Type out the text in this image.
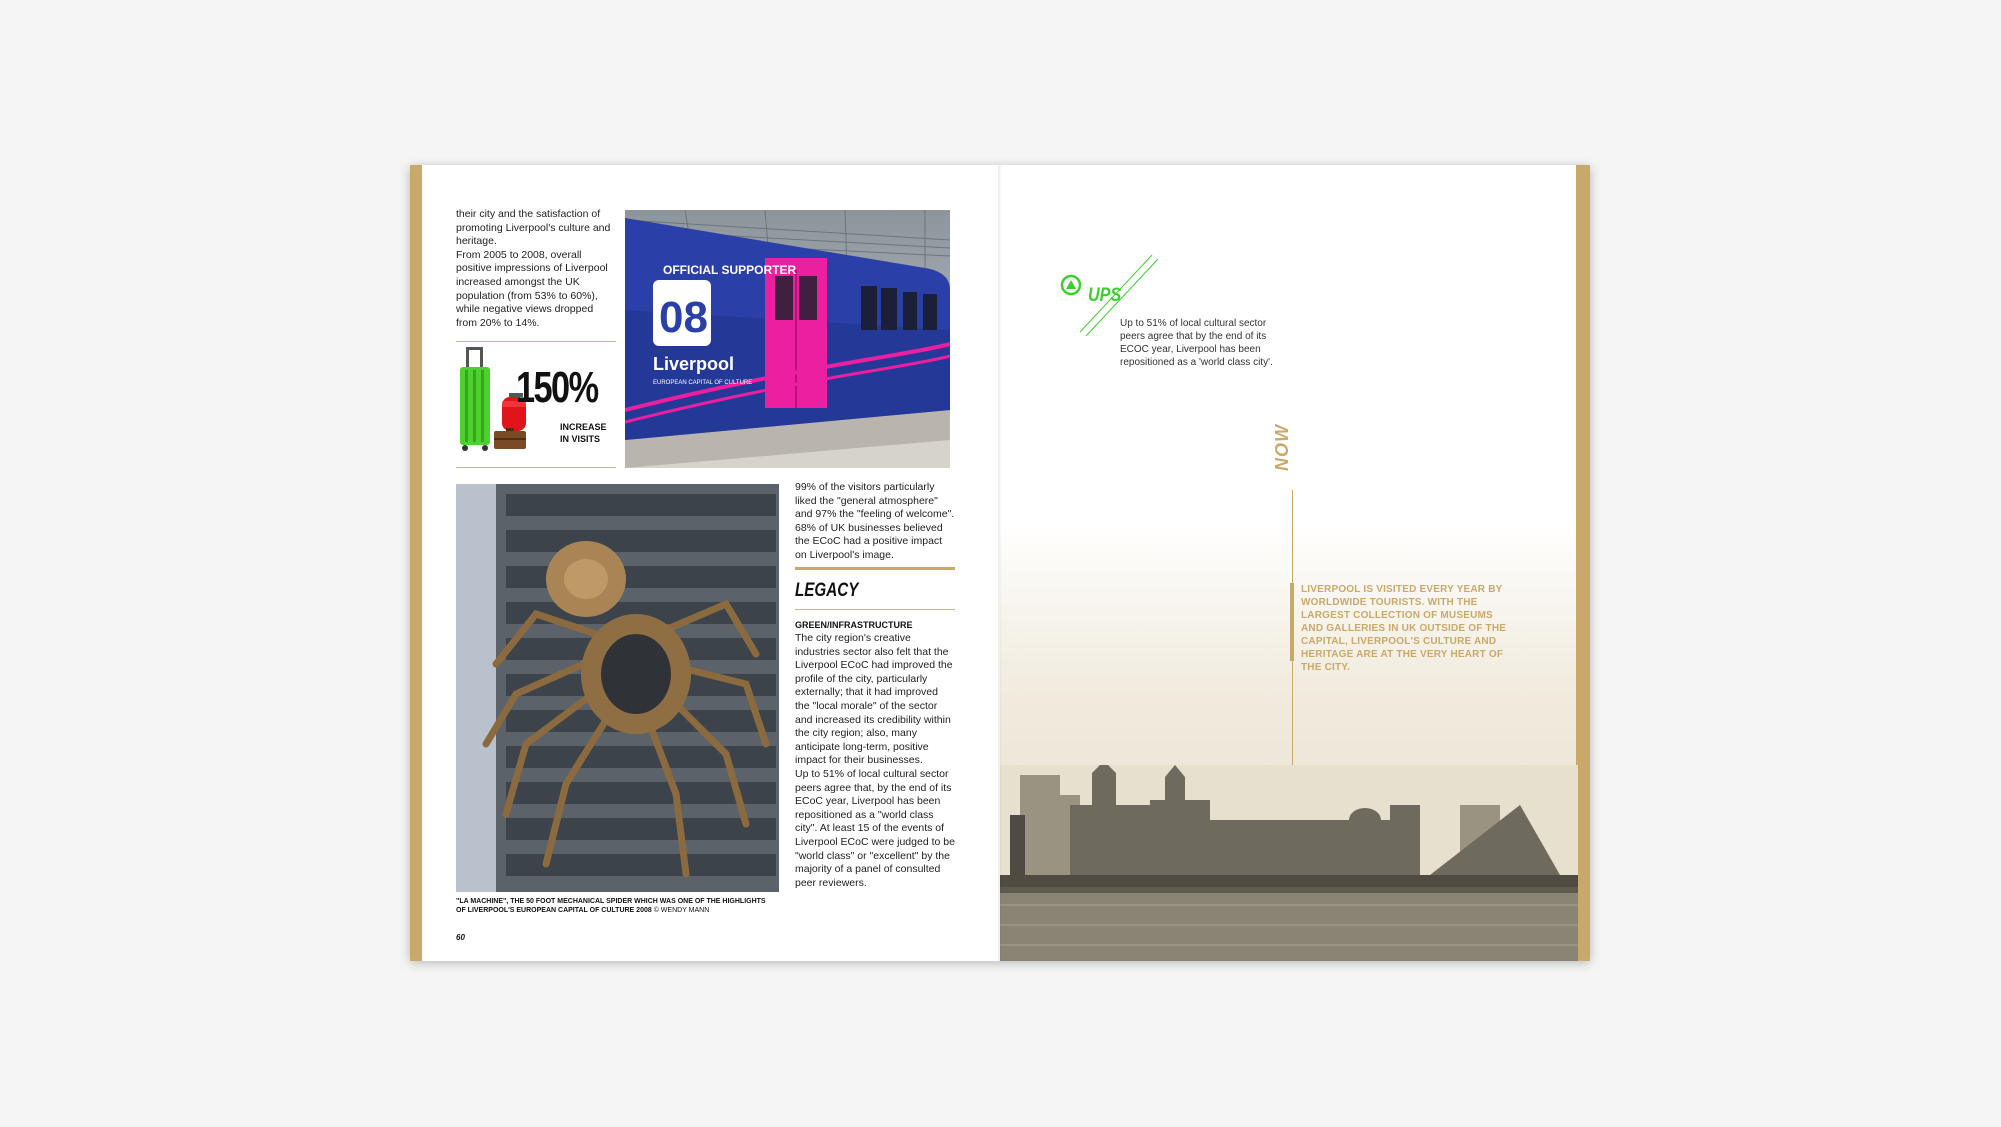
their city and the satisfaction of promoting Liverpool's culture and heritage.

From 2005 to 2008, overall positive impressions of Liverpool increased amongst the UK population (from 53% to 60%), while negative views dropped from 20% to 14%.

150%
INCREASE
IN VISITS
OFFICIAL SUPPORTER
08
Liverpool
EUROPEAN CAPITAL OF CULTURE
99% of the visitors particularly liked the "general atmosphere" and 97% the "feeling of welcome". 68% of UK businesses believed the ECoC had a positive impact on Liverpool's image.
LEGACY
GREEN/INFRASTRUCTURE
The city region's creative industries sector also felt that the Liverpool ECoC had improved the profile of the city, particularly externally; that it had improved the "local morale" of the sector and increased its credibility within the city region; also, many anticipate long-term, positive impact for their businesses.
Up to 51% of local cultural sector peers agree that, by the end of its ECoC year, Liverpool has been repositioned as a "world class city". At least 15 of the events of Liverpool ECoC were judged to be "world class" or "excellent" by the majority of a panel of consulted peer reviewers.
"LA MACHINE", THE 50 FOOT MECHANICAL SPIDER WHICH WAS ONE OF THE HIGHLIGHTS OF LIVERPOOL'S EUROPEAN CAPITAL OF CULTURE 2008 © WENDY MANN
60
UPS
Up to 51% of local cultural sector peers agree that by the end of its ECOC year, Liverpool has been repositioned as a 'world class city'.
NOW
LIVERPOOL IS VISITED EVERY YEAR BY WORLDWIDE TOURISTS. WITH THE LARGEST COLLECTION OF MUSEUMS AND GALLERIES IN UK OUTSIDE OF THE CAPITAL, LIVERPOOL'S CULTURE AND HERITAGE ARE AT THE VERY HEART OF THE CITY.
